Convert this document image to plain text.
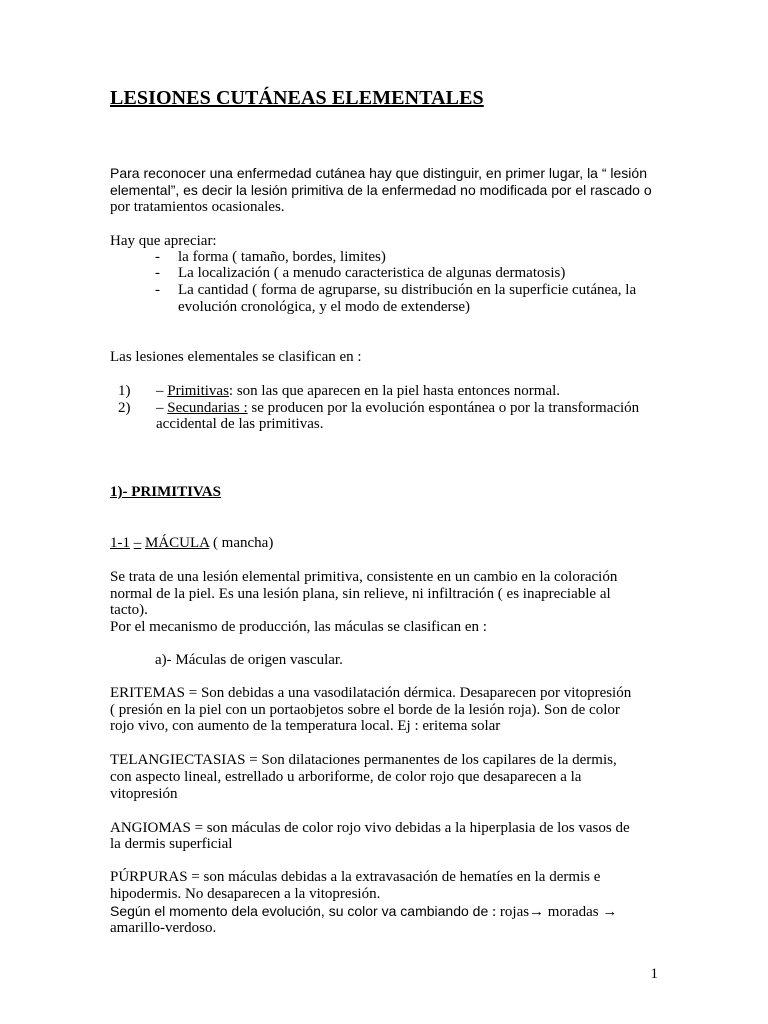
LESIONES CUTÁNEAS ELEMENTALES
Para reconocer una enfermedad cutánea hay que distinguir, en primer lugar, la “ lesión
elemental”, es decir la lesión primitiva de la enfermedad no modificada por el rascado o
por tratamientos ocasionales.
Hay que apreciar:
- la forma ( tamaño, bordes, limites)
- La localización ( a menudo caracteristica de algunas dermatosis)
- La cantidad ( forma de agruparse, su distribución en la superficie cutánea, la
evolución cronológica, y el modo de extenderse)
Las lesiones elementales se clasifican en :
1) – Primitivas: son las que aparecen en la piel hasta entonces normal.
2) – Secundarias : se producen por la evolución espontánea o por la transformación
accidental de las primitivas.
1)- PRIMITIVAS
1-1 – MÁCULA ( mancha)
Se trata de una lesión elemental primitiva, consistente en un cambio en la coloración
normal de la piel. Es una lesión plana, sin relieve, ni infiltración ( es inapreciable al
tacto).
Por el mecanismo de producción, las máculas se clasifican en :
a)- Máculas de origen vascular.
ERITEMAS = Son debidas a una vasodilatación dérmica. Desaparecen por vitopresión
( presión en la piel con un portaobjetos sobre el borde de la lesión roja). Son de color
rojo vivo, con aumento de la temperatura local. Ej : eritema solar
TELANGIECTASIAS = Son dilataciones permanentes de los capilares de la dermis,
con aspecto lineal, estrellado u arboriforme, de color rojo que desaparecen a la
vitopresión
ANGIOMAS = son máculas de color rojo vivo debidas a la hiperplasia de los vasos de
la dermis superficial
PÚRPURAS = son máculas debidas a la extravasación de hematíes en la dermis e
hipodermis. No desaparecen a la vitopresión.
Según el momento dela evolución, su color va cambiando de : rojas→ moradas →
amarillo-verdoso.
1
